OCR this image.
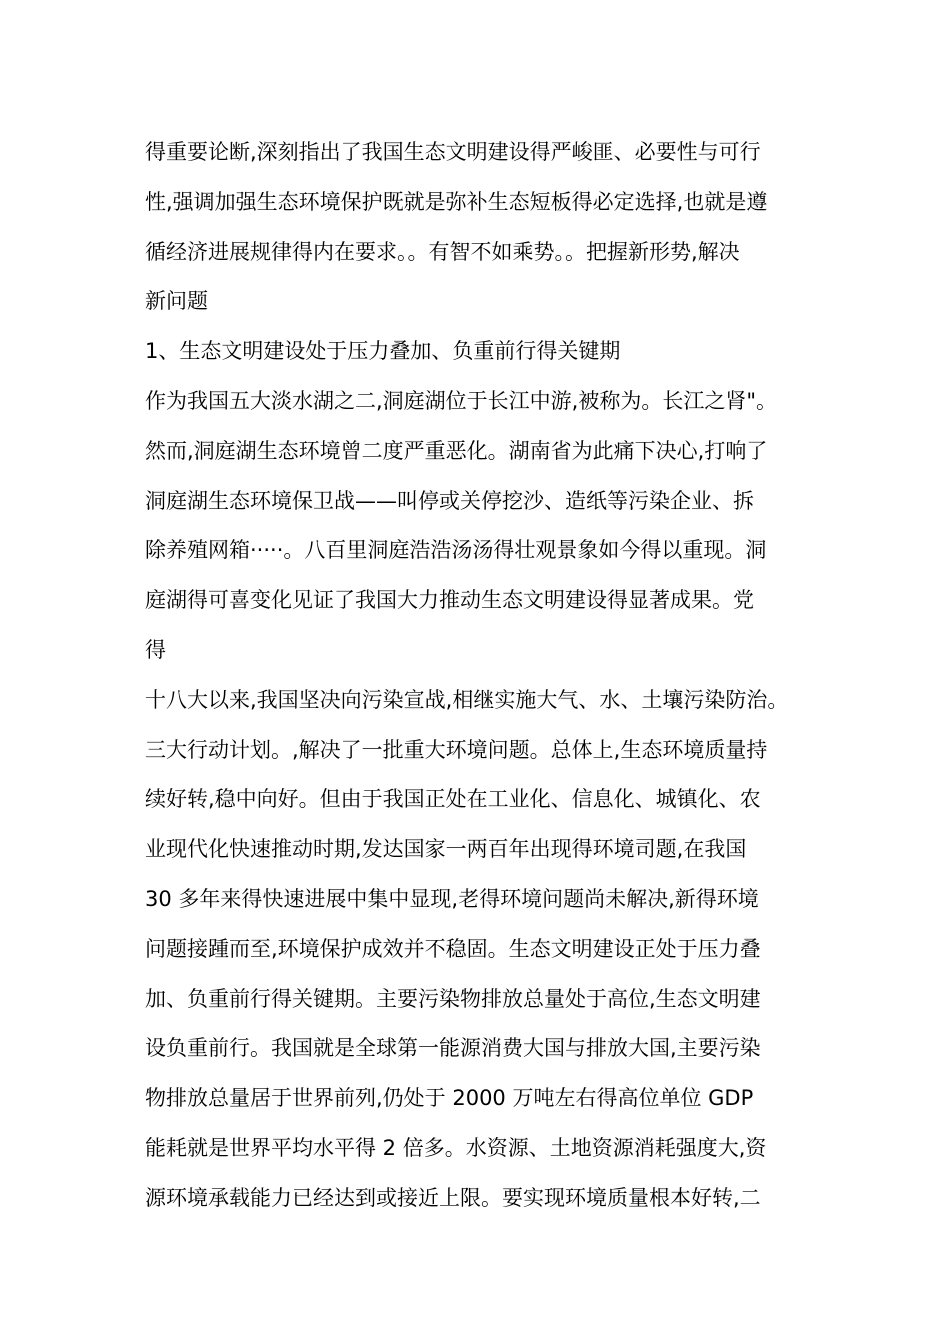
得重要论断,深刻指出了我国生态文明建设得严峻匪、必要性与可行
性,强调加强生态环境保护既就是弥补生态短板得必定选择,也就是遵
循经济进展规律得内在要求。。有智不如乘势。。把握新形势,解决
新问题
1、生态文明建设处于压力叠加、负重前行得关键期
作为我国五大淡水湖之二,洞庭湖位于长江中游,被称为。长江之肾"。
然而,洞庭湖生态环境曾二度严重恶化。湖南省为此痛下决心,打响了
洞庭湖生态环境保卫战——叫停或关停挖沙、造纸等污染企业、拆
除养殖网箱·····。八百里洞庭浩浩汤汤得壮观景象如今得以重现。洞
庭湖得可喜变化见证了我国大力推动生态文明建设得显著成果。党
得
十八大以来,我国坚决向污染宣战,相继实施大气、水、土壤污染防治。
三大行动计划。,解决了一批重大环境问题。总体上,生态环境质量持
续好转,稳中向好。但由于我国正处在工业化、信息化、城镇化、农
业现代化快速推动时期,发达国家一两百年出现得环境司题,在我国
30 多年来得快速进展中集中显现,老得环境问题尚未解决,新得环境
问题接踵而至,环境保护成效并不稳固。生态文明建设正处于压力叠
加、负重前行得关键期。主要污染物排放总量处于高位,生态文明建
设负重前行。我国就是全球第一能源消费大国与排放大国,主要污染
物排放总量居于世界前列,仍处于 2000 万吨左右得高位单位 GDP
能耗就是世界平均水平得 2 倍多。水资源、土地资源消耗强度大,资
源环境承载能力已经达到或接近上限。要实现环境质量根本好转,二
